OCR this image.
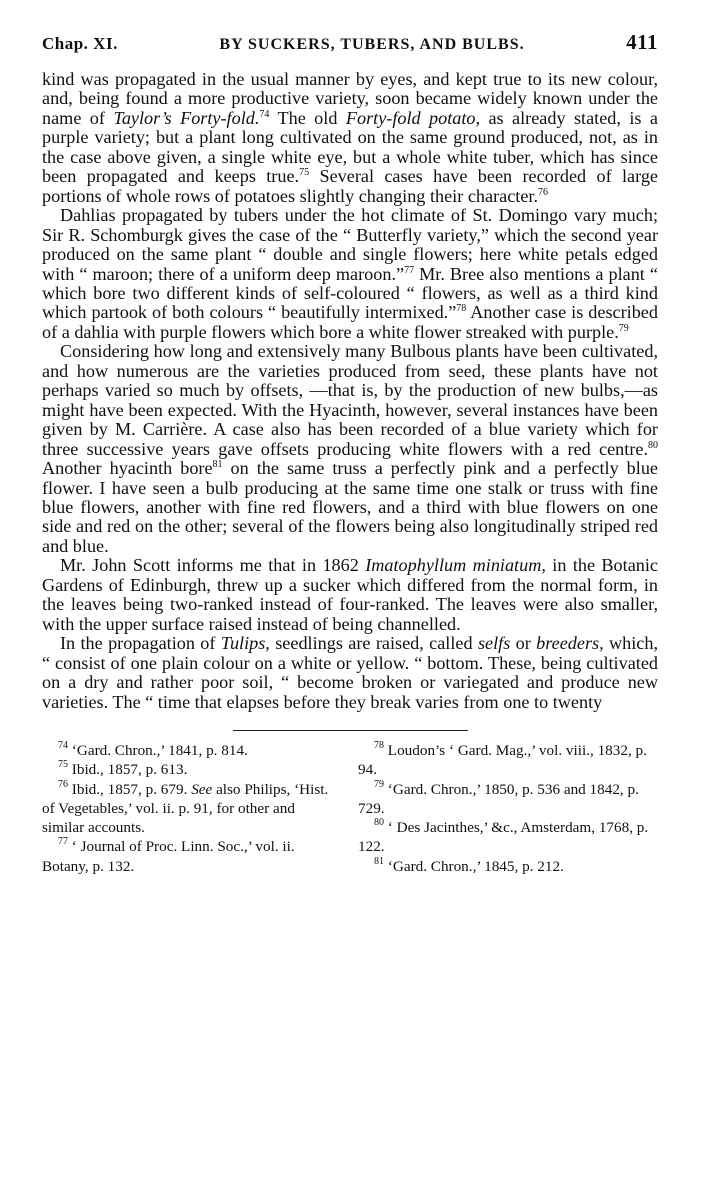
Chap. XI.	BY SUCKERS, TUBERS, AND BULBS.	411

kind was propagated in the usual manner by eyes, and kept true to its new colour, and, being found a more productive variety, soon became widely known under the name of Taylor’s Forty-fold.$^{74}$ The old Forty-fold potato, as already stated, is a purple variety; but a plant long cultivated on the same ground produced, not, as in the case above given, a single white eye, but a whole white tuber, which has since been propagated and keeps true.$^{75}$ Several cases have been recorded of large portions of whole rows of potatoes slightly changing their character.$^{76}$

Dahlias propagated by tubers under the hot climate of St. Domingo vary much; Sir R. Schomburgk gives the case of the “ Butterfly variety,” which the second year produced on the same plant “ double and single flowers; here white petals edged with “ maroon; there of a uniform deep maroon.”$^{77}$ Mr. Bree also mentions a plant “ which bore two different kinds of self-coloured “ flowers, as well as a third kind which partook of both colours “ beautifully intermixed.”$^{78}$ Another case is described of a dahlia with purple flowers which bore a white flower streaked with purple.$^{79}$

Considering how long and extensively many Bulbous plants have been cultivated, and how numerous are the varieties produced from seed, these plants have not perhaps varied so much by offsets, —that is, by the production of new bulbs,—as might have been expected. With the Hyacinth, however, several instances have been given by M. Carrière. A case also has been recorded of a blue variety which for three successive years gave offsets producing white flowers with a red centre.$^{80}$ Another hyacinth bore$^{81}$ on the same truss a perfectly pink and a perfectly blue flower. I have seen a bulb producing at the same time one stalk or truss with fine blue flowers, another with fine red flowers, and a third with blue flowers on one side and red on the other; several of the flowers being also longitudinally striped red and blue.

Mr. John Scott informs me that in 1862 Imatophyllum miniatum, in the Botanic Gardens of Edinburgh, threw up a sucker which differed from the normal form, in the leaves being two-ranked instead of four-ranked. The leaves were also smaller, with the upper surface raised instead of being channelled.

In the propagation of Tulips, seedlings are raised, called selfs or breeders, which, “ consist of one plain colour on a white or yellow. “ bottom. These, being cultivated on a dry and rather poor soil, “ become broken or variegated and produce new varieties. The “ time that elapses before they break varies from one to twenty

$^{74}$ ‘Gard. Chron.,’ 1841, p. 814.

$^{75}$ Ibid., 1857, p. 613.

$^{76}$ Ibid., 1857, p. 679. See also Philips, ‘Hist. of Vegetables,’ vol. ii. p. 91, for other and similar accounts.

$^{77}$ ‘ Journal of Proc. Linn. Soc.,’ vol. ii. Botany, p. 132.

$^{78}$ Loudon’s ‘ Gard. Mag.,’ vol. viii., 1832, p. 94.

$^{79}$ ‘Gard. Chron.,’ 1850, p. 536 and 1842, p. 729.

$^{80}$ ‘ Des Jacinthes,’ &c., Amsterdam, 1768, p. 122.

$^{81}$ ‘Gard. Chron.,’ 1845, p. 212.
